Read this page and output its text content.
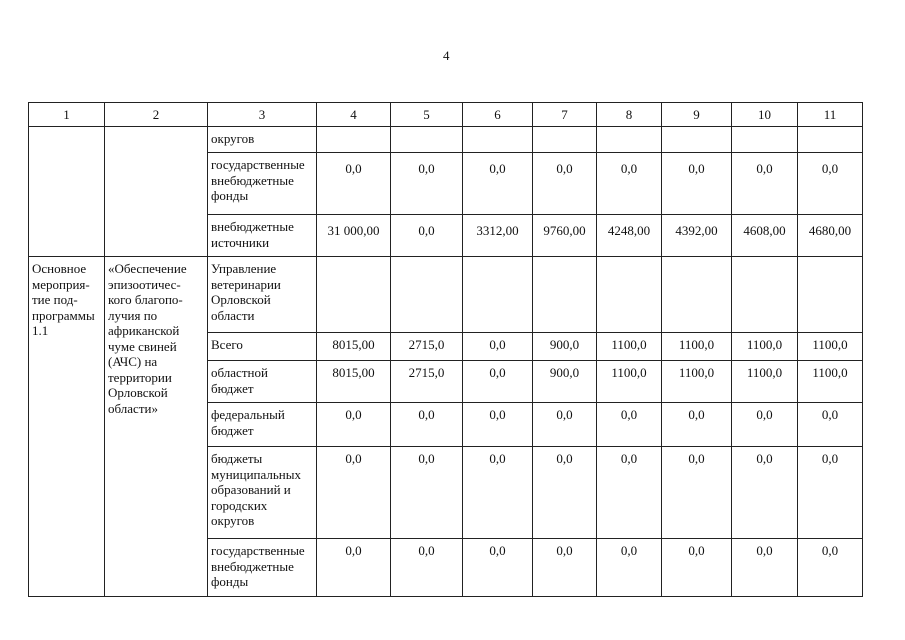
4
1	2	3	4	5	6	7	8	9	10	11
		округов								
		государственные внебюджетные фонды	0,0	0,0	0,0	0,0	0,0	0,0	0,0	0,0
		внебюджетные источники	31 000,00	0,0	3312,00	9760,00	4248,00	4392,00	4608,00	4680,00
Основное мероприя-тие под-программы 1.1	«Обеспечение эпизоотичес-кого благопо-лучия по африканской чуме свиней (АЧС) на территории Орловской области»	Управление ветеринарии Орловской области								
		Всего	8015,00	2715,0	0,0	900,0	1100,0	1100,0	1100,0	1100,0
		областной бюджет	8015,00	2715,0	0,0	900,0	1100,0	1100,0	1100,0	1100,0
		федеральный бюджет	0,0	0,0	0,0	0,0	0,0	0,0	0,0	0,0
		бюджеты муниципальных образований и городских округов	0,0	0,0	0,0	0,0	0,0	0,0	0,0	0,0
		государственные внебюджетные фонды	0,0	0,0	0,0	0,0	0,0	0,0	0,0	0,0
